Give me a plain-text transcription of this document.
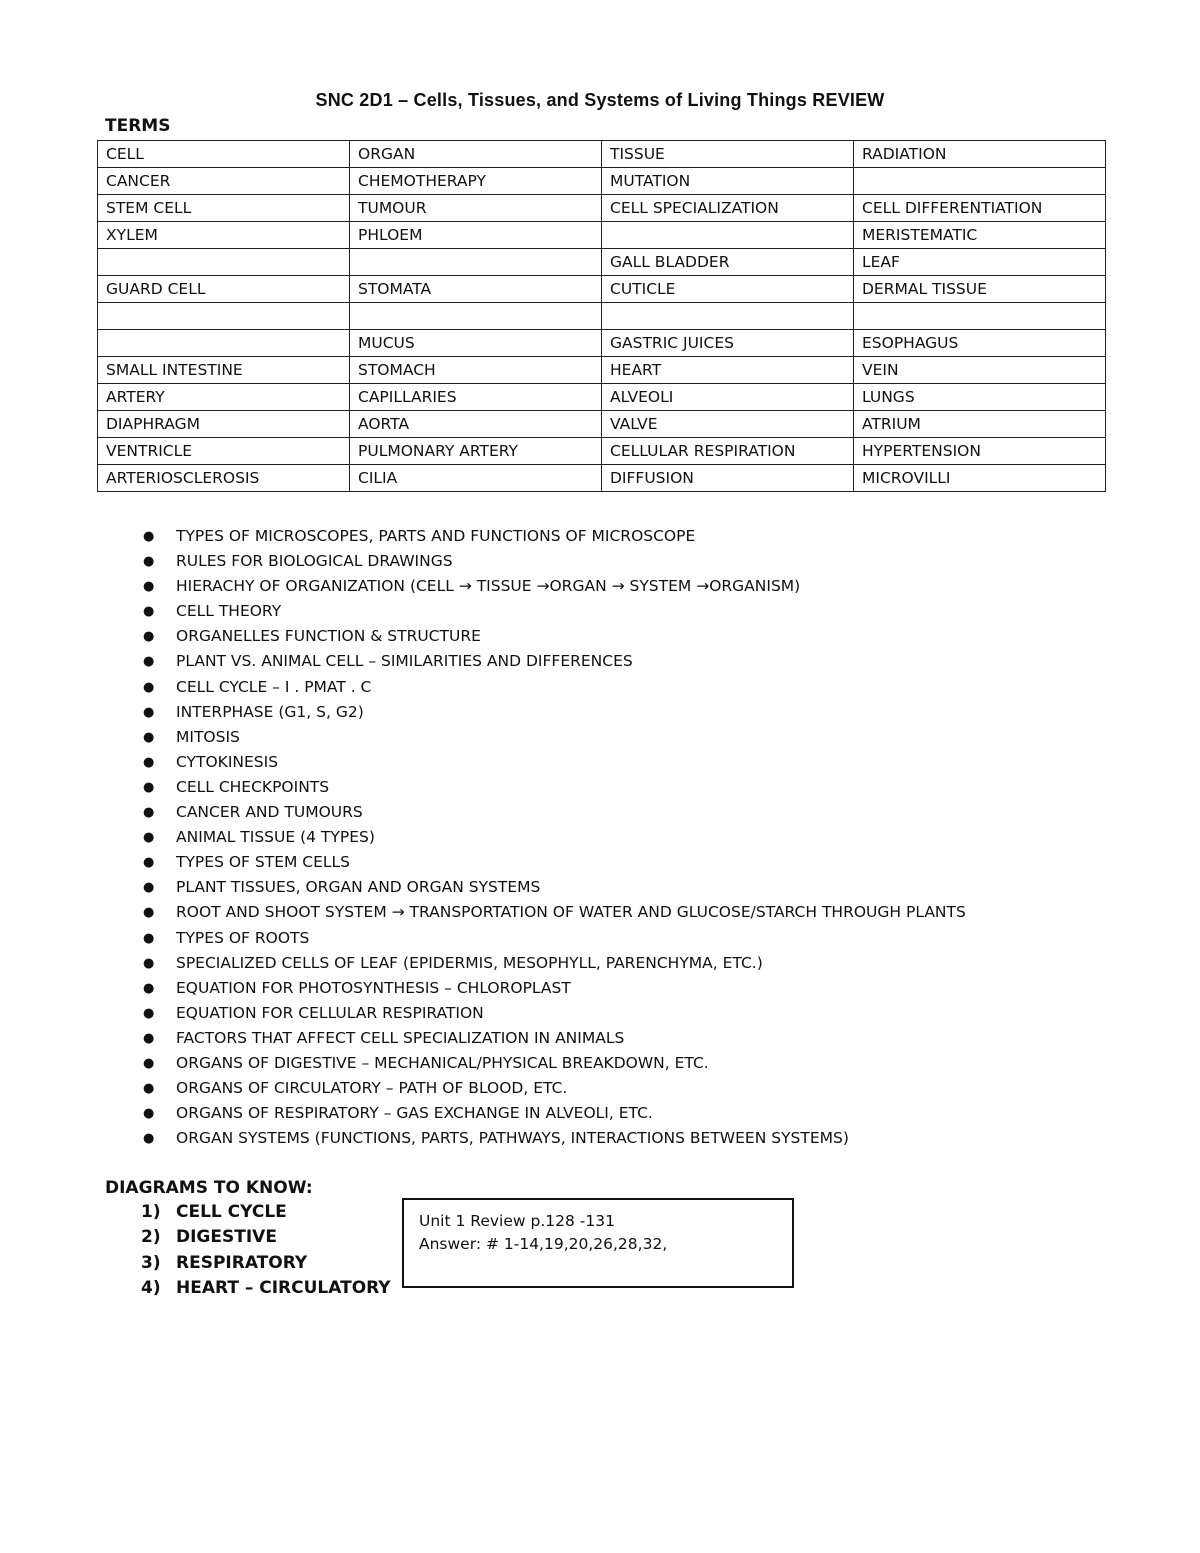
SNC 2D1 – Cells, Tissues, and Systems of Living Things REVIEW
TERMS
CELL	ORGAN	TISSUE	RADIATION
CANCER	CHEMOTHERAPY	MUTATION	
STEM CELL	TUMOUR	CELL SPECIALIZATION	CELL DIFFERENTIATION
XYLEM	PHLOEM		MERISTEMATIC
		GALL BLADDER	LEAF
GUARD CELL	STOMATA	CUTICLE	DERMAL TISSUE

	MUCUS	GASTRIC JUICES	ESOPHAGUS
SMALL INTESTINE	STOMACH	HEART	VEIN
ARTERY	CAPILLARIES	ALVEOLI	LUNGS
DIAPHRAGM	AORTA	VALVE	ATRIUM
VENTRICLE	PULMONARY ARTERY	CELLULAR RESPIRATION	HYPERTENSION
ARTERIOSCLEROSIS	CILIA	DIFFUSION	MICROVILLI
● TYPES OF MICROSCOPES, PARTS AND FUNCTIONS OF MICROSCOPE
● RULES FOR BIOLOGICAL DRAWINGS
● HIERACHY OF ORGANIZATION (CELL → TISSUE →ORGAN → SYSTEM →ORGANISM)
● CELL THEORY
● ORGANELLES FUNCTION & STRUCTURE
● PLANT VS. ANIMAL CELL – SIMILARITIES AND DIFFERENCES
● CELL CYCLE – I . PMAT . C
● INTERPHASE (G1, S, G2)
● MITOSIS
● CYTOKINESIS
● CELL CHECKPOINTS
● CANCER AND TUMOURS
● ANIMAL TISSUE (4 TYPES)
● TYPES OF STEM CELLS
● PLANT TISSUES, ORGAN AND ORGAN SYSTEMS
● ROOT AND SHOOT SYSTEM → TRANSPORTATION OF WATER AND GLUCOSE/STARCH THROUGH PLANTS
● TYPES OF ROOTS
● SPECIALIZED CELLS OF LEAF (EPIDERMIS, MESOPHYLL, PARENCHYMA, ETC.)
● EQUATION FOR PHOTOSYNTHESIS – CHLOROPLAST
● EQUATION FOR CELLULAR RESPIRATION
● FACTORS THAT AFFECT CELL SPECIALIZATION IN ANIMALS
● ORGANS OF DIGESTIVE – MECHANICAL/PHYSICAL BREAKDOWN, ETC.
● ORGANS OF CIRCULATORY – PATH OF BLOOD, ETC.
● ORGANS OF RESPIRATORY – GAS EXCHANGE IN ALVEOLI, ETC.
● ORGAN SYSTEMS (FUNCTIONS, PARTS, PATHWAYS, INTERACTIONS BETWEEN SYSTEMS)
DIAGRAMS TO KNOW:
1) CELL CYCLE
2) DIGESTIVE
3) RESPIRATORY
4) HEART – CIRCULATORY
Unit 1 Review p.128 -131
Answer: # 1-14,19,20,26,28,32,
